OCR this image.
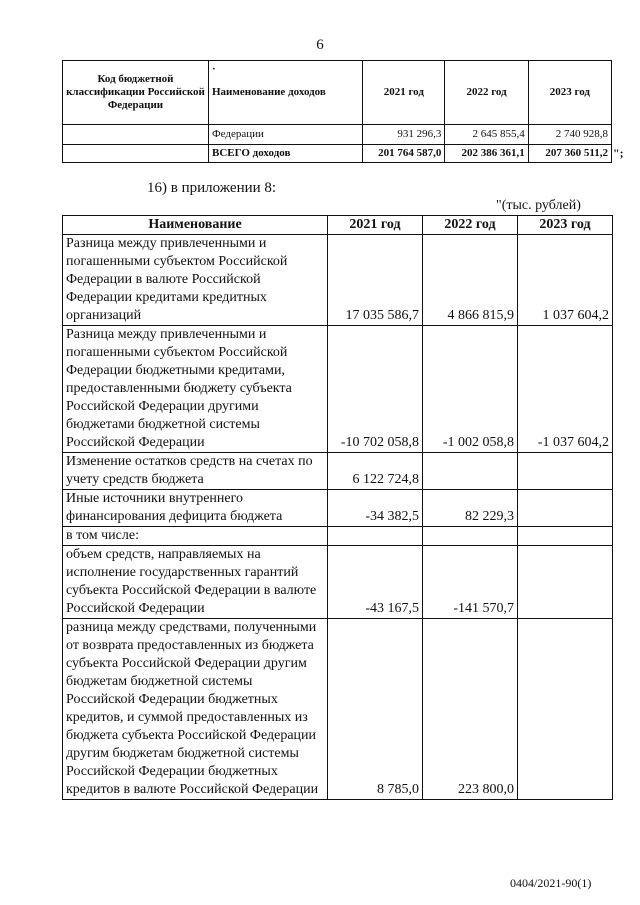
6
Код бюджетной классификации Российской Федерации	·
Наименование доходов	2021 год	2022 год	2023 год
	Федерации	931 296,3	2 645 855,4	2 740 928,8
	ВСЕГО доходов	201 764 587,0	202 386 361,1	207 360 511,2 ";
16) в приложении 8:
"(тыс. рублей)
Наименование	2021 год	2022 год	2023 год
Разница между привлеченными и погашенными субъектом Российской Федерации в валюте Российской Федерации кредитами кредитных организаций	17 035 586,7	4 866 815,9	1 037 604,2
Разница между привлеченными и погашенными субъектом Российской Федерации бюджетными кредитами, предоставленными бюджету субъекта Российской Федерации другими бюджетами бюджетной системы Российской Федерации	-10 702 058,8	-1 002 058,8	-1 037 604,2
Изменение остатков средств на счетах по учету средств бюджета	6 122 724,8		
Иные источники внутреннего финансирования дефицита бюджета	-34 382,5	82 229,3	
в том числе:			
объем средств, направляемых на исполнение государственных гарантий субъекта Российской Федерации в валюте Российской Федерации	-43 167,5	-141 570,7	
разница между средствами, полученными от возврата предоставленных из бюджета субъекта Российской Федерации другим бюджетам бюджетной системы Российской Федерации бюджетных кредитов, и суммой предоставленных из бюджета субъекта Российской Федерации другим бюджетам бюджетной системы Российской Федерации бюджетных кредитов в валюте Российской Федерации	8 785,0	223 800,0	
0404/2021-90(1)
